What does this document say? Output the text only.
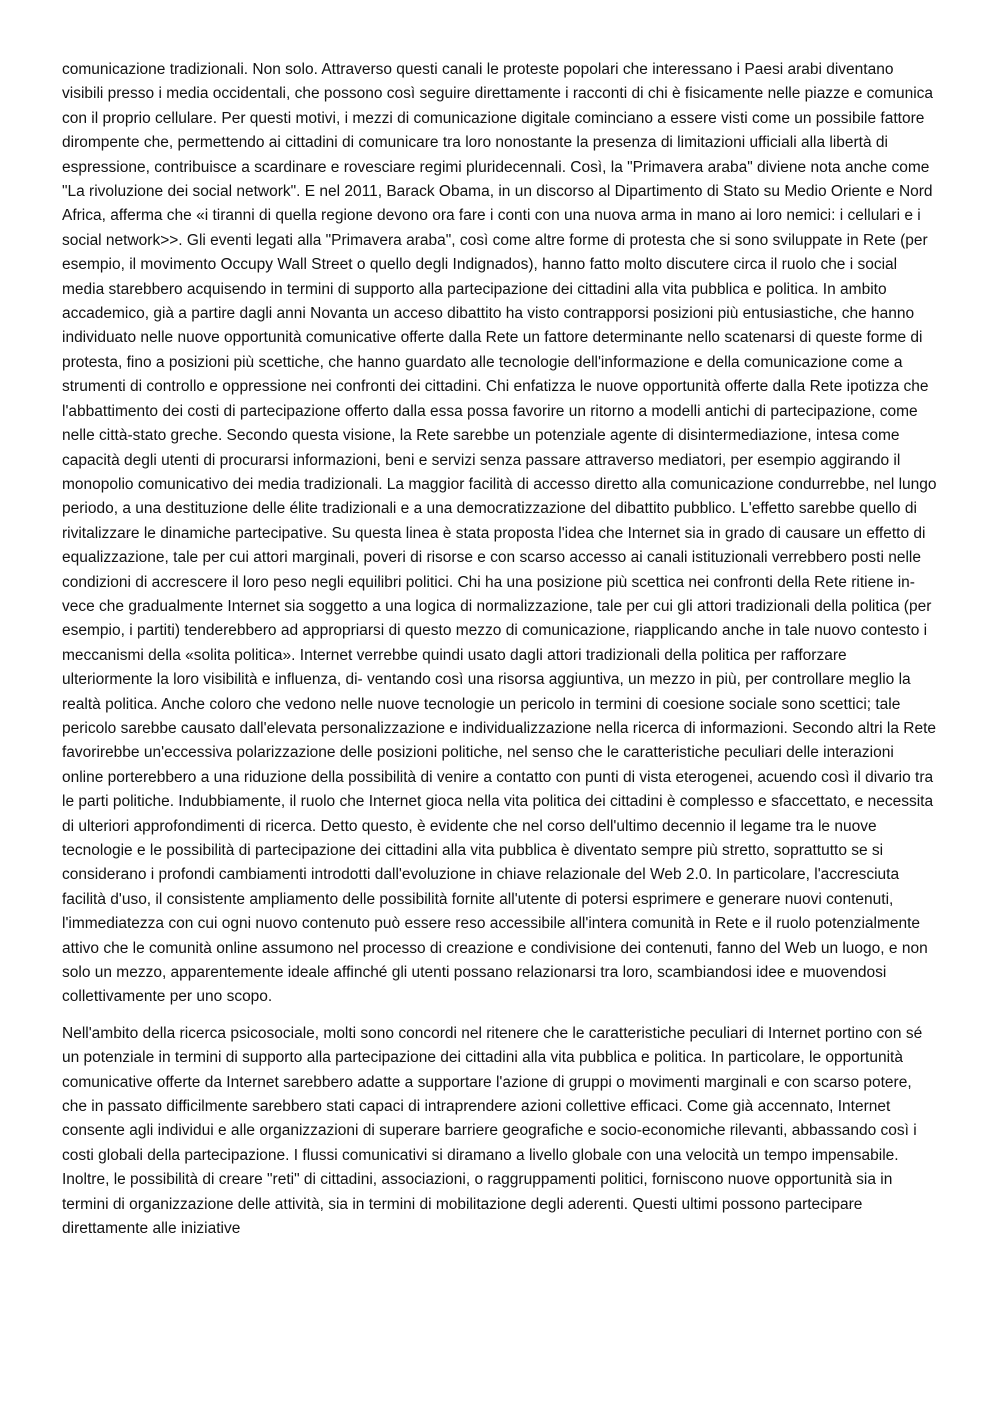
comunicazione tradizionali. Non solo. Attraverso questi canali le proteste popolari che interessano i Paesi arabi diventano visibili presso i media occidentali, che possono così seguire direttamente i racconti di chi è fisicamente nelle piazze e comunica con il proprio cellulare. Per questi motivi, i mezzi di comunicazione digitale cominciano a essere visti come un possibile fattore dirompente che, permettendo ai cittadini di comunicare tra loro nonostante la presenza di limitazioni ufficiali alla libertà di espressione, contribuisce a scardinare e rovesciare regimi pluridecennali. Così, la "Primavera araba" diviene nota anche come "La rivoluzione dei social network". E nel 2011, Barack Obama, in un discorso al Dipartimento di Stato su Medio Oriente e Nord Africa, afferma che «i tiranni di quella regione devono ora fare i conti con una nuova arma in mano ai loro nemici: i cellulari e i social network>>. Gli eventi legati alla "Primavera araba", così come altre forme di protesta che si sono sviluppate in Rete (per esempio, il movimento Occupy Wall Street o quello degli Indignados), hanno fatto molto discutere circa il ruolo che i social media starebbero acquisendo in termini di supporto alla partecipazione dei cittadini alla vita pubblica e politica. In ambito accademico, già a partire dagli anni Novanta un acceso dibattito ha visto contrapporsi posizioni più entusiastiche, che hanno individuato nelle nuove opportunità comunicative offerte dalla Rete un fattore determinante nello scatenarsi di queste forme di protesta, fino a posizioni più scettiche, che hanno guardato alle tecnologie dell'informazione e della comunicazione come a strumenti di controllo e oppressione nei confronti dei cittadini. Chi enfatizza le nuove opportunità offerte dalla Rete ipotizza che l'abbattimento dei costi di partecipazione offerto dalla essa possa favorire un ritorno a modelli antichi di partecipazione, come nelle città-stato greche. Secondo questa visione, la Rete sarebbe un potenziale agente di disintermediazione, intesa come capacità degli utenti di procurarsi informazioni, beni e servizi senza passare attraverso mediatori, per esempio aggirando il monopolio comunicativo dei media tradizionali. La maggior facilità di accesso diretto alla comunicazione condurrebbe, nel lungo periodo, a una destituzione delle élite tradizionali e a una democratizzazione del dibattito pubblico. L'effetto sarebbe quello di rivitalizzare le dinamiche partecipative. Su questa linea è stata proposta l'idea che Internet sia in grado di causare un effetto di equalizzazione, tale per cui attori marginali, poveri di risorse e con scarso accesso ai canali istituzionali verrebbero posti nelle condizioni di accrescere il loro peso negli equilibri politici. Chi ha una posizione più scettica nei confronti della Rete ritiene in- vece che gradualmente Internet sia soggetto a una logica di normalizzazione, tale per cui gli attori tradizionali della politica (per esempio, i partiti) tenderebbero ad appropriarsi di questo mezzo di comunicazione, riapplicando anche in tale nuovo contesto i meccanismi della «solita politica». Internet verrebbe quindi usato dagli attori tradizionali della politica per rafforzare ulteriormente la loro visibilità e influenza, di- ventando così una risorsa aggiuntiva, un mezzo in più, per controllare meglio la realtà politica. Anche coloro che vedono nelle nuove tecnologie un pericolo in termini di coesione sociale sono scettici; tale pericolo sarebbe causato dall'elevata personalizzazione e individualizzazione nella ricerca di informazioni. Secondo altri la Rete favorirebbe un'eccessiva polarizzazione delle posizioni politiche, nel senso che le caratteristiche peculiari delle interazioni online porterebbero a una riduzione della possibilità di venire a contatto con punti di vista eterogenei, acuendo così il divario tra le parti politiche. Indubbiamente, il ruolo che Internet gioca nella vita politica dei cittadini è complesso e sfaccettato, e necessita di ulteriori approfondimenti di ricerca. Detto questo, è evidente che nel corso dell'ultimo decennio il legame tra le nuove tecnologie e le possibilità di partecipazione dei cittadini alla vita pubblica è diventato sempre più stretto, soprattutto se si considerano i profondi cambiamenti introdotti dall'evoluzione in chiave relazionale del Web 2.0. In particolare, l'accresciuta facilità d'uso, il consistente ampliamento delle possibilità fornite all'utente di potersi esprimere e generare nuovi contenuti, l'immediatezza con cui ogni nuovo contenuto può essere reso accessibile all'intera comunità in Rete e il ruolo potenzialmente attivo che le comunità online assumono nel processo di creazione e condivisione dei contenuti, fanno del Web un luogo, e non solo un mezzo, apparentemente ideale affinché gli utenti possano relazionarsi tra loro, scambiandosi idee e muovendosi collettivamente per uno scopo.

Nell'ambito della ricerca psicosociale, molti sono concordi nel ritenere che le caratteristiche peculiari di Internet portino con sé un potenziale in termini di supporto alla partecipazione dei cittadini alla vita pubblica e politica. In particolare, le opportunità comunicative offerte da Internet sarebbero adatte a supportare l'azione di gruppi o movimenti marginali e con scarso potere, che in passato difficilmente sarebbero stati capaci di intraprendere azioni collettive efficaci. Come già accennato, Internet consente agli individui e alle organizzazioni di superare barriere geografiche e socio-economiche rilevanti, abbassando così i costi globali della partecipazione. I flussi comunicativi si diramano a livello globale con una velocità un tempo impensabile. Inoltre, le possibilità di creare "reti" di cittadini, associazioni, o raggruppamenti politici, forniscono nuove opportunità sia in termini di organizzazione delle attività, sia in termini di mobilitazione degli aderenti. Questi ultimi possono partecipare direttamente alle iniziative
